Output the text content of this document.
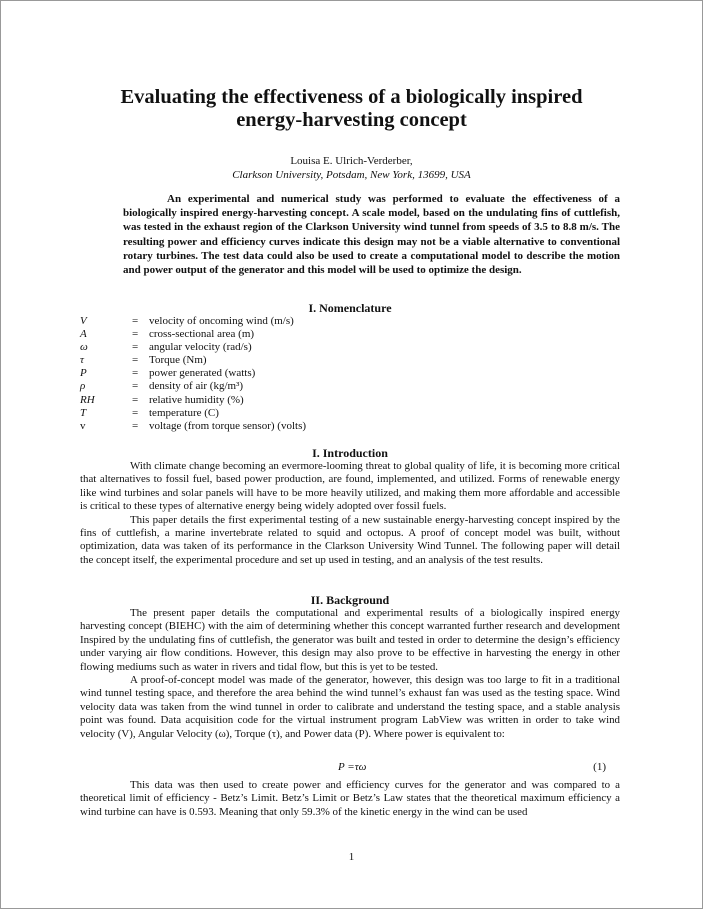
Evaluating the effectiveness of a biologically inspired
energy-harvesting concept
Louisa E. Ulrich-Verderber,
Clarkson University, Potsdam, New York, 13699, USA
An experimental and numerical study was performed to evaluate the effectiveness of a biologically inspired energy-harvesting concept. A scale model, based on the undulating fins of cuttlefish, was tested in the exhaust region of the Clarkson University wind tunnel from speeds of 3.5 to 8.8 m/s. The resulting power and efficiency curves indicate this design may not be a viable alternative to conventional rotary turbines. The test data could also be used to create a computational model to describe the motion and power output of the generator and this model will be used to optimize the design.
I. Nomenclature
V	= velocity of oncoming wind (m/s)
A	= cross-sectional area (m)
ω	= angular velocity (rad/s)
τ	= Torque (Nm)
P	= power generated (watts)
ρ	= density of air (kg/m³)
RH	= relative humidity (%)
T	= temperature (C)
v	= voltage (from torque sensor) (volts)
I. Introduction

With climate change becoming an evermore-looming threat to global quality of life, it is becoming more critical that alternatives to fossil fuel, based power production, are found, implemented, and utilized. Forms of renewable energy like wind turbines and solar panels will have to be more heavily utilized, and making them more affordable and accessible is critical to these types of alternative energy being widely adopted over fossil fuels.

This paper details the first experimental testing of a new sustainable energy-harvesting concept inspired by the fins of cuttlefish, a marine invertebrate related to squid and octopus. A proof of concept model was built, without optimization, data was taken of its performance in the Clarkson University Wind Tunnel. The following paper will detail the concept itself, the experimental procedure and set up used in testing, and an analysis of the test results.

II. Background

The present paper details the computational and experimental results of a biologically inspired energy harvesting concept (BIEHC) with the aim of determining whether this concept warranted further research and development Inspired by the undulating fins of cuttlefish, the generator was built and tested in order to determine the design’s efficiency under varying air flow conditions. However, this design may also prove to be effective in harvesting the energy in other flowing mediums such as water in rivers and tidal flow, but this is yet to be tested.

A proof-of-concept model was made of the generator, however, this design was too large to fit in a traditional wind tunnel testing space, and therefore the area behind the wind tunnel’s exhaust fan was used as the testing space. Wind velocity data was taken from the wind tunnel in order to calibrate and understand the testing space, and a stable analysis point was found. Data acquisition code for the virtual instrument program LabView was written in order to take wind velocity (V), Angular Velocity (ω), Torque (τ), and Power data (P). Where power is equivalent to:

P =τω	(1)

This data was then used to create power and efficiency curves for the generator and was compared to a theoretical limit of efficiency - Betz’s Limit. Betz’s Limit or Betz’s Law states that the theoretical maximum efficiency a wind turbine can have is 0.593. Meaning that only 59.3% of the kinetic energy in the wind can be used

1
